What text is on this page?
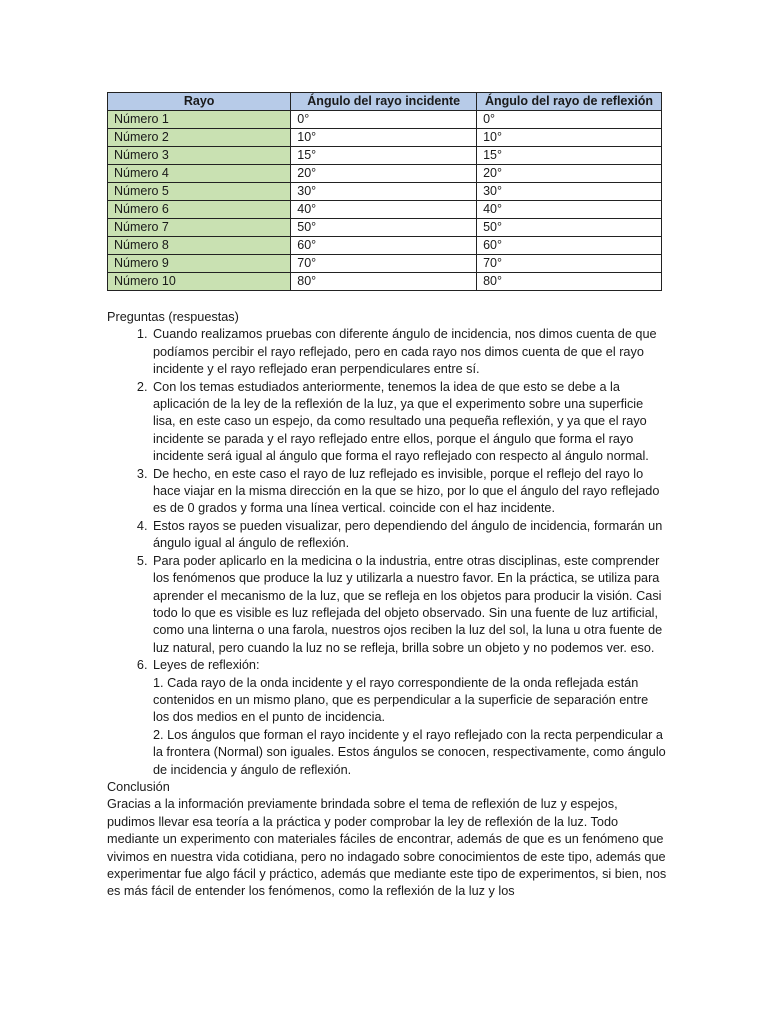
Rayo	Ángulo del rayo incidente	Ángulo del rayo de reflexión
Número 1	0°	0°
Número 2	10°	10°
Número 3	15°	15°
Número 4	20°	20°
Número 5	30°	30°
Número 6	40°	40°
Número 7	50°	50°
Número 8	60°	60°
Número 9	70°	70°
Número 10	80°	80°

Preguntas (respuestas)

1. Cuando realizamos pruebas con diferente ángulo de incidencia, nos dimos cuenta de que podíamos percibir el rayo reflejado, pero en cada rayo nos dimos cuenta de que el rayo incidente y el rayo reflejado eran perpendiculares entre sí.
2. Con los temas estudiados anteriormente, tenemos la idea de que esto se debe a la aplicación de la ley de la reflexión de la luz, ya que el experimento sobre una superficie lisa, en este caso un espejo, da como resultado una pequeña reflexión, y ya que el rayo incidente se parada y el rayo reflejado entre ellos, porque el ángulo que forma el rayo incidente será igual al ángulo que forma el rayo reflejado con respecto al ángulo normal.
3. De hecho, en este caso el rayo de luz reflejado es invisible, porque el reflejo del rayo lo hace viajar en la misma dirección en la que se hizo, por lo que el ángulo del rayo reflejado es de 0 grados y forma una línea vertical. coincide con el haz incidente.
4. Estos rayos se pueden visualizar, pero dependiendo del ángulo de incidencia, formarán un ángulo igual al ángulo de reflexión.
5. Para poder aplicarlo en la medicina o la industria, entre otras disciplinas, este comprender los fenómenos que produce la luz y utilizarla a nuestro favor. En la práctica, se utiliza para aprender el mecanismo de la luz, que se refleja en los objetos para producir la visión. Casi todo lo que es visible es luz reflejada del objeto observado. Sin una fuente de luz artificial, como una linterna o una farola, nuestros ojos reciben la luz del sol, la luna u otra fuente de luz natural, pero cuando la luz no se refleja, brilla sobre un objeto y no podemos ver. eso.
6. Leyes de reflexión:
1. Cada rayo de la onda incidente y el rayo correspondiente de la onda reflejada están contenidos en un mismo plano, que es perpendicular a la superficie de separación entre los dos medios en el punto de incidencia.
2. Los ángulos que forman el rayo incidente y el rayo reflejado con la recta perpendicular a la frontera (Normal) son iguales. Estos ángulos se conocen, respectivamente, como ángulo de incidencia y ángulo de reflexión.

Conclusión

Gracias a la información previamente brindada sobre el tema de reflexión de luz y espejos, pudimos llevar esa teoría a la práctica y poder comprobar la ley de reflexión de la luz. Todo mediante un experimento con materiales fáciles de encontrar, además de que es un fenómeno que vivimos en nuestra vida cotidiana, pero no indagado sobre conocimientos de este tipo, además que experimentar fue algo fácil y práctico, además que mediante este tipo de experimentos, si bien, nos es más fácil de entender los fenómenos, como la reflexión de la luz y los
